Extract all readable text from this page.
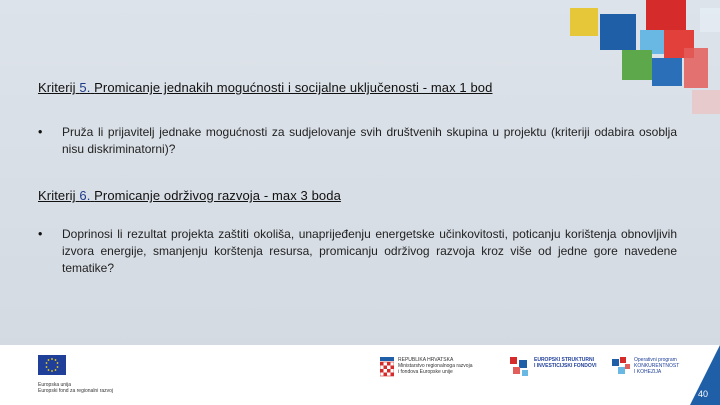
Kriterij 5. Promicanje jednakih mogućnosti i socijalne uključenosti - max 1 bod
• Pruža li prijavitelj jednake mogućnosti za sudjelovanje svih društvenih skupina u projektu (kriteriji odabira osoblja nisu diskriminatorni)?
Kriterij 6. Promicanje održivog razvoja - max 3 boda
• Doprinosi li rezultat projekta zaštiti okoliša, unaprijeđenju energetske učinkovitosti, poticanju korištenja obnovljivih izvora energije, smanjenju korštenja resursa, promicanju održivog razvoja kroz više od jedne gore navedene tematike?
Europska unija
Europski fond za regionalni razvoj
REPUBLIKA HRVATSKA
Ministarstvo regionalnoga razvoja
i fondova Europske unije
EUROPSKI STRUKTURNI
I INVESTICIJSKI FONDOVI
Operativni program
KONKURENTNOST
I KOHEZIJA
40
